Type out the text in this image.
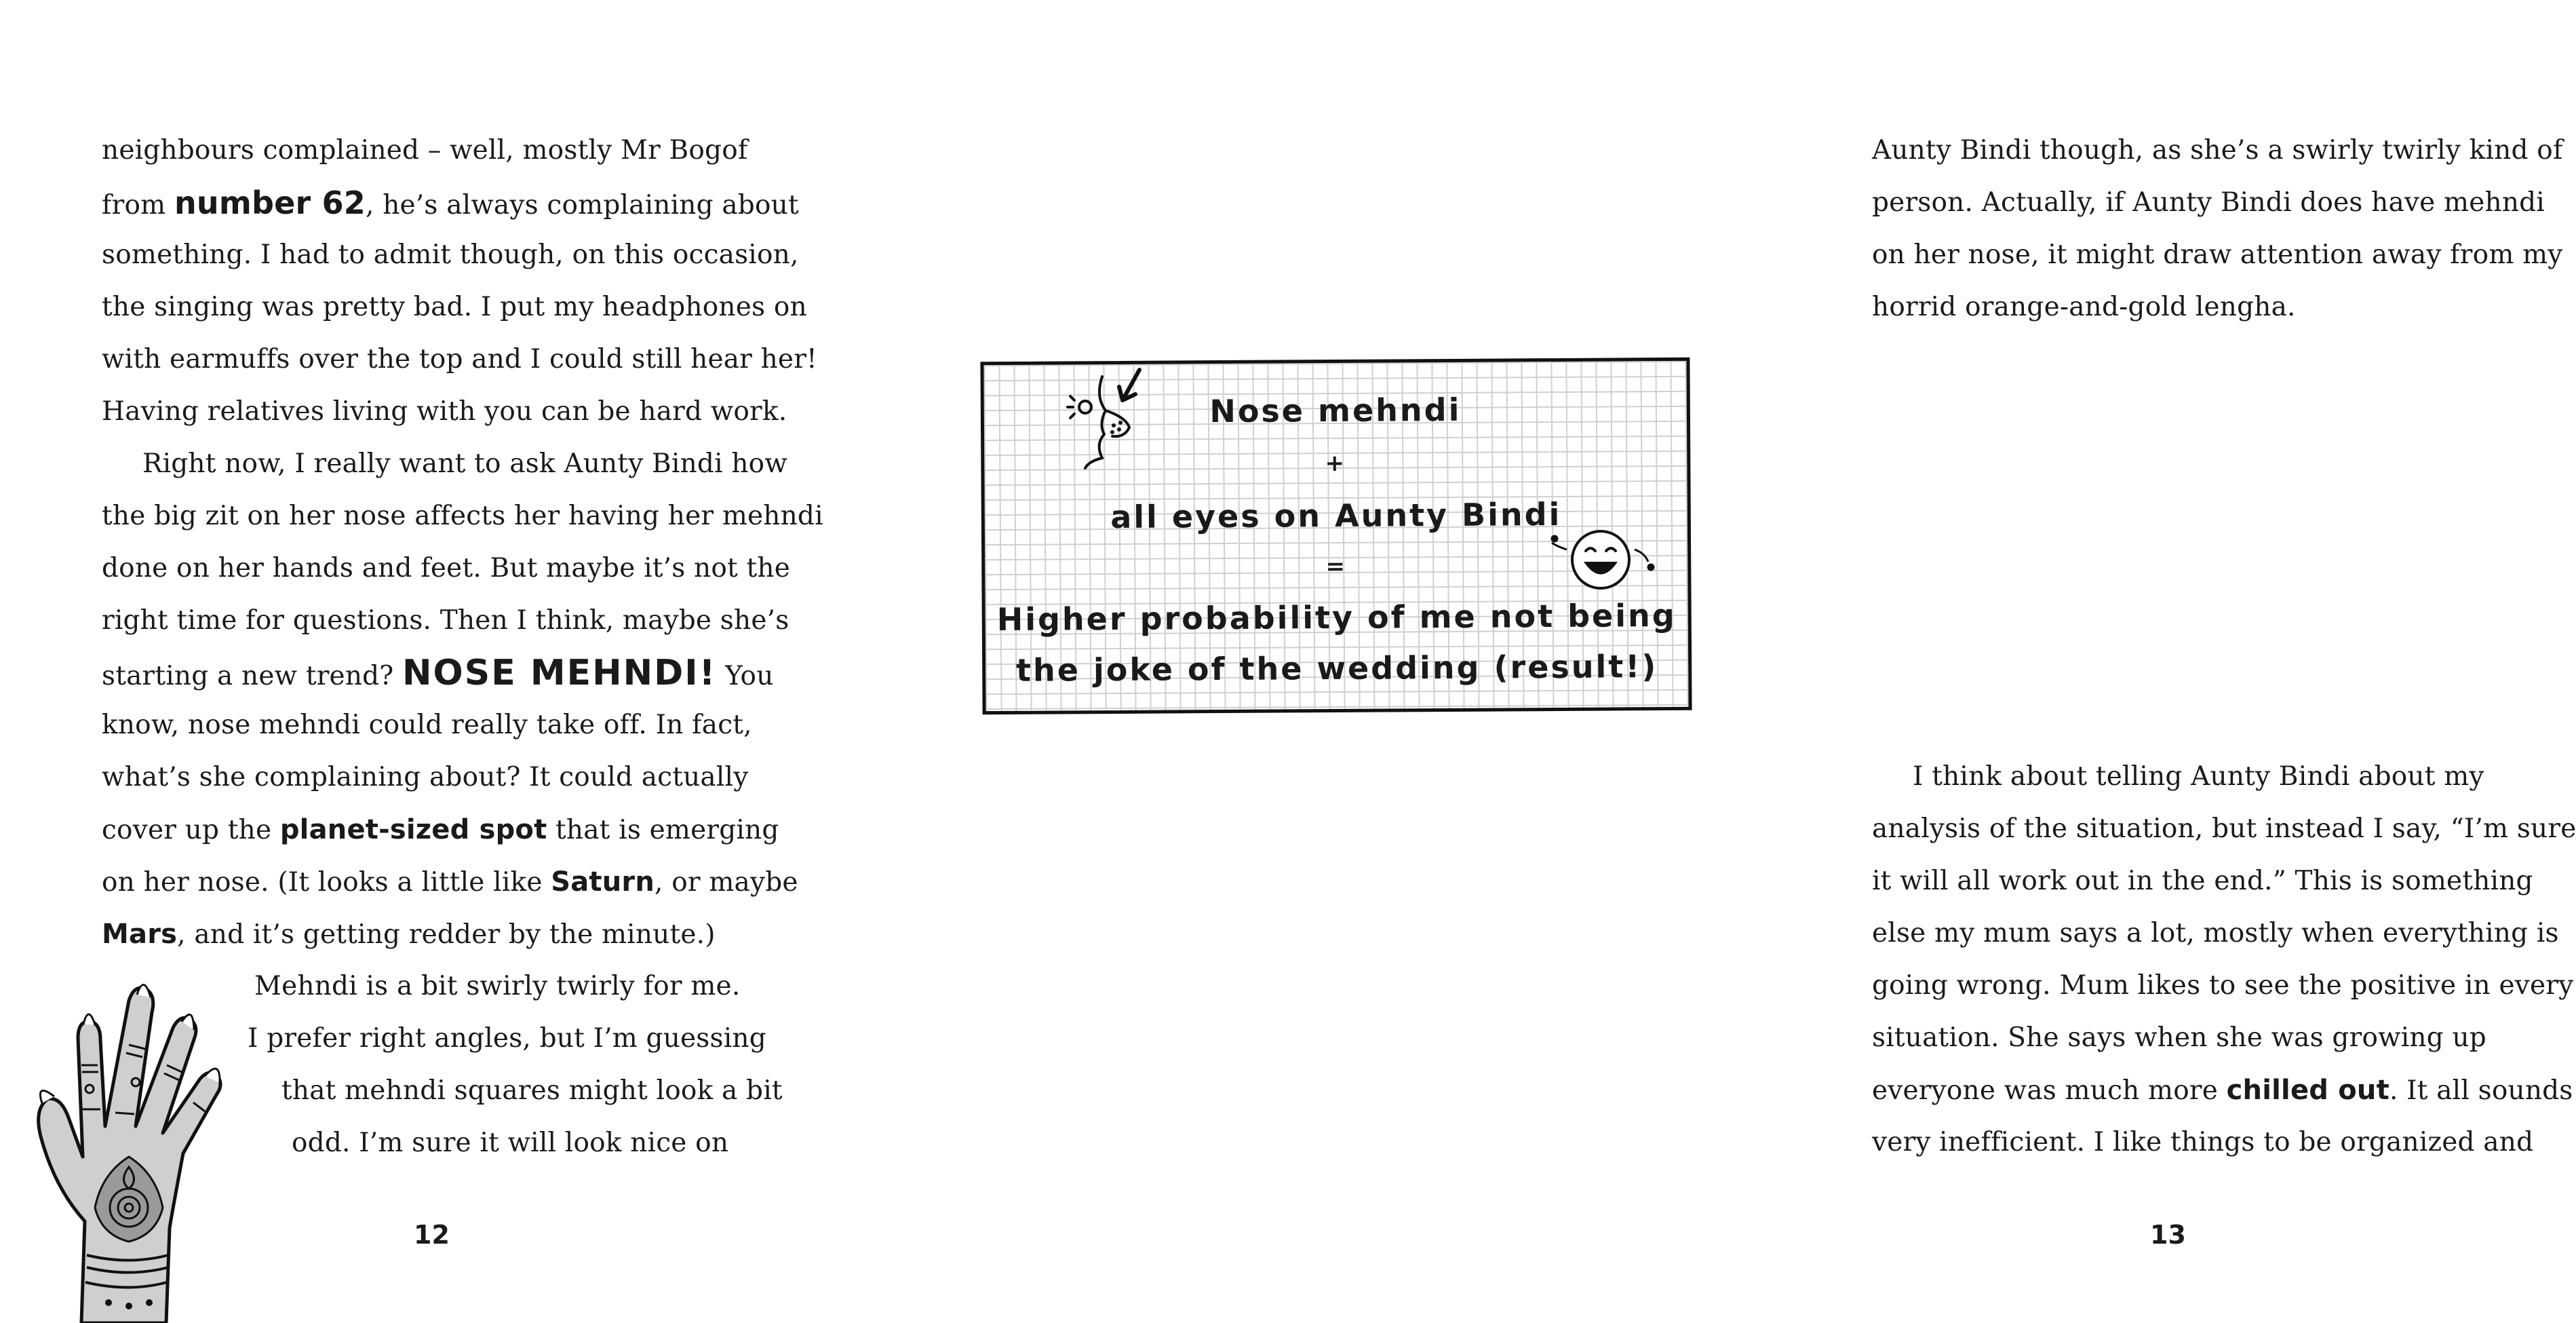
neighbours complained – well, mostly Mr Bogof
from number 62, he’s always complaining about
something. I had to admit though, on this occasion,
the singing was pretty bad. I put my headphones on
with earmuffs over the top and I could still hear her!
Having relatives living with you can be hard work.
Right now, I really want to ask Aunty Bindi how
the big zit on her nose affects her having her mehndi
done on her hands and feet. But maybe it’s not the
right time for questions. Then I think, maybe she’s
starting a new trend? NOSE MEHNDI! You
know, nose mehndi could really take off. In fact,
what’s she complaining about? It could actually
cover up the planet-sized spot that is emerging
on her nose. (It looks a little like Saturn, or maybe
Mars, and it’s getting redder by the minute.)
Mehndi is a bit swirly twirly for me.
I prefer right angles, but I’m guessing
that mehndi squares might look a bit
odd. I’m sure it will look nice on
12
Aunty Bindi though, as she’s a swirly twirly kind of
person. Actually, if Aunty Bindi does have mehndi
on her nose, it might draw attention away from my
horrid orange-and-gold lengha.
I think about telling Aunty Bindi about my
analysis of the situation, but instead I say, “I’m sure
it will all work out in the end.” This is something
else my mum says a lot, mostly when everything is
going wrong. Mum likes to see the positive in every
situation. She says when she was growing up
everyone was much more chilled out. It all sounds
very inefficient. I like things to be organized and
13
Nose mehndi
+
all eyes on Aunty Bindi
=
Higher probability of me not being
the joke of the wedding (result!)
